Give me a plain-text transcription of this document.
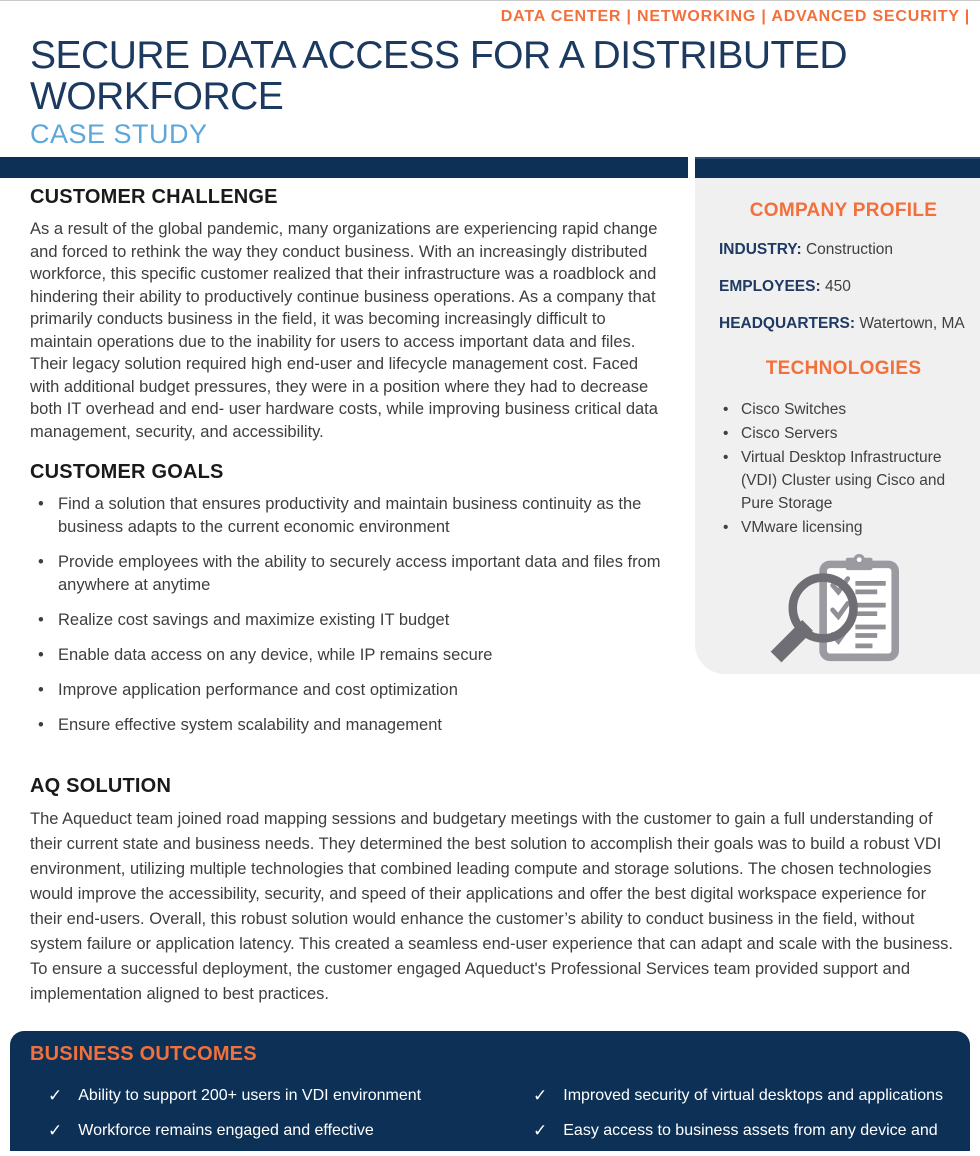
DATA CENTER | NETWORKING | ADVANCED SECURITY |
SECURE DATA ACCESS FOR A DISTRIBUTED WORKFORCE
CASE STUDY
CUSTOMER CHALLENGE

As a result of the global pandemic, many organizations are experiencing rapid change and forced to rethink the way they conduct business. With an increasingly distributed workforce, this specific customer realized that their infrastructure was a roadblock and hindering their ability to productively continue business operations. As a company that primarily conducts business in the field, it was becoming increasingly difficult to maintain operations due to the inability for users to access important data and files. Their legacy solution required high end-user and lifecycle management cost. Faced with additional budget pressures, they were in a position where they had to decrease both IT overhead and end- user hardware costs, while improving business critical data management, security, and accessibility.

CUSTOMER GOALS
• Find a solution that ensures productivity and maintain business continuity as the business adapts to the current economic environment
• Provide employees with the ability to securely access important data and files from anywhere at anytime
• Realize cost savings and maximize existing IT budget
• Enable data access on any device, while IP remains secure
• Improve application performance and cost optimization
• Ensure effective system scalability and management
COMPANY PROFILE
INDUSTRY: Construction
EMPLOYEES: 450
HEADQUARTERS: Watertown, MA
TECHNOLOGIES
• Cisco Switches
• Cisco Servers
• Virtual Desktop Infrastructure (VDI) Cluster using Cisco and Pure Storage
• VMware licensing
AQ SOLUTION

The Aqueduct team joined road mapping sessions and budgetary meetings with the customer to gain a full understanding of their current state and business needs. They determined the best solution to accomplish their goals was to build a robust VDI environment, utilizing multiple technologies that combined leading compute and storage solutions. The chosen technologies would improve the accessibility, security, and speed of their applications and offer the best digital workspace experience for their end-users. Overall, this robust solution would enhance the customer’s ability to conduct business in the field, without system failure or application latency. This created a seamless end-user experience that can adapt and scale with the business. To ensure a successful deployment, the customer engaged Aqueduct's Professional Services team provided support and implementation aligned to best practices.

BUSINESS OUTCOMES
✓ Ability to support 200+ users in VDI environment	✓ Improved security of virtual desktops and applications
✓ Workforce remains engaged and effective	✓ Easy access to business assets from any device and
